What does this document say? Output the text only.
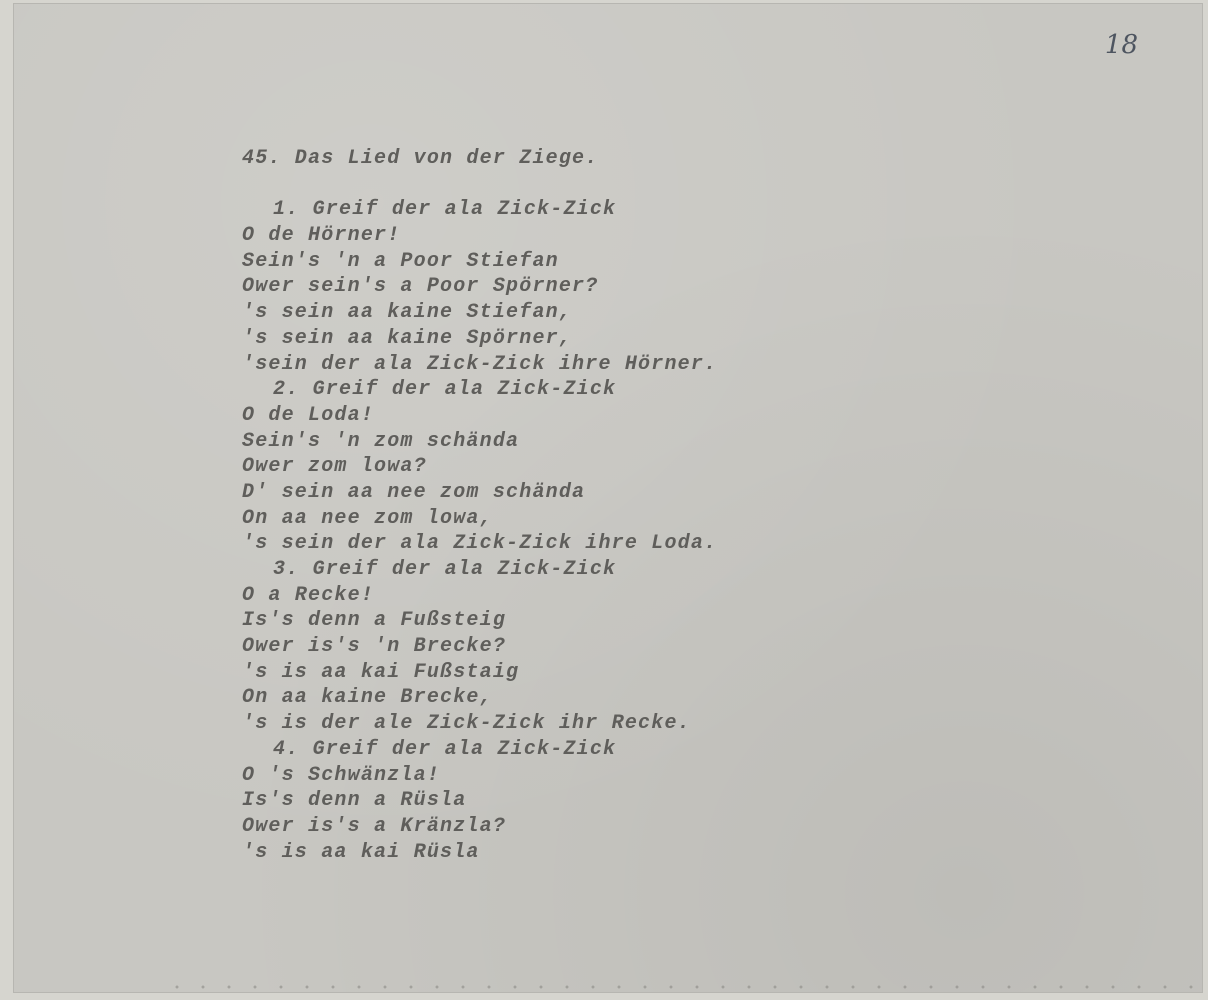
18
45. Das Lied von der Ziege.
1. Greif der ala Zick-Zick
O de Hörner!
Sein's 'n a Poor Stiefan
Ower sein's a Poor Spörner?
's sein aa kaine Stiefan,
's sein aa kaine Spörner,
'sein der ala Zick-Zick ihre Hörner.
2. Greif der ala Zick-Zick
O de Loda!
Sein's 'n zom schända
Ower zom lowa?
D' sein aa nee zom schända
On aa nee zom lowa,
's sein der ala Zick-Zick ihre Loda.
3. Greif der ala Zick-Zick
O a Recke!
Is's denn a Fußsteig
Ower is's 'n Brecke?
's is aa kai Fußstaig
On aa kaine Brecke,
's is der ale Zick-Zick ihr Recke.
4. Greif der ala Zick-Zick
O 's Schwänzla!
Is's denn a Rüsla
Ower is's a Kränzla?
's is aa kai Rüsla
